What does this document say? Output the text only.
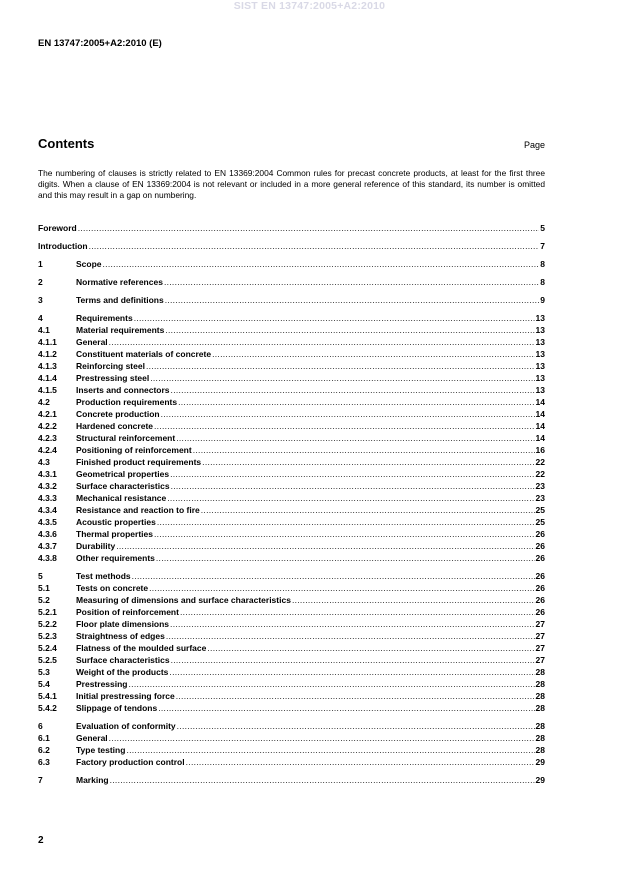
SIST EN 13747:2005+A2:2010
EN 13747:2005+A2:2010 (E)
Contents	Page

The numbering of clauses is strictly related to EN 13369:2004 Common rules for precast concrete products, at least for the first three digits. When a clause of EN 13369:2004 is not relevant or included in a more general reference of this standard, its number is omitted and this may result in a gap on numbering.

Foreword .....	5
Introduction .....	7
1	Scope .....	8
2	Normative references .....	8
3	Terms and definitions .....	9
4	Requirements .....	13
4.1	Material requirements .....	13
4.1.1	General .....	13
4.1.2	Constituent materials of concrete .....	13
4.1.3	Reinforcing steel .....	13
4.1.4	Prestressing steel .....	13
4.1.5	Inserts and connectors .....	13
4.2	Production requirements .....	14
4.2.1	Concrete production .....	14
4.2.2	Hardened concrete .....	14
4.2.3	Structural reinforcement .....	14
4.2.4	Positioning of reinforcement .....	16
4.3	Finished product requirements .....	22
4.3.1	Geometrical properties .....	22
4.3.2	Surface characteristics .....	23
4.3.3	Mechanical resistance .....	23
4.3.4	Resistance and reaction to fire .....	25
4.3.5	Acoustic properties .....	25
4.3.6	Thermal properties .....	26
4.3.7	Durability .....	26
4.3.8	Other requirements .....	26
5	Test methods .....	26
5.1	Tests on concrete .....	26
5.2	Measuring of dimensions and surface characteristics .....	26
5.2.1	Position of reinforcement .....	26
5.2.2	Floor plate dimensions .....	27
5.2.3	Straightness of edges .....	27
5.2.4	Flatness of the moulded surface .....	27
5.2.5	Surface characteristics .....	27
5.3	Weight of the products .....	28
5.4	Prestressing .....	28
5.4.1	Initial prestressing force .....	28
5.4.2	Slippage of tendons .....	28
6	Evaluation of conformity .....	28
6.1	General .....	28
6.2	Type testing .....	28
6.3	Factory production control .....	29
7	Marking .....	29
2
